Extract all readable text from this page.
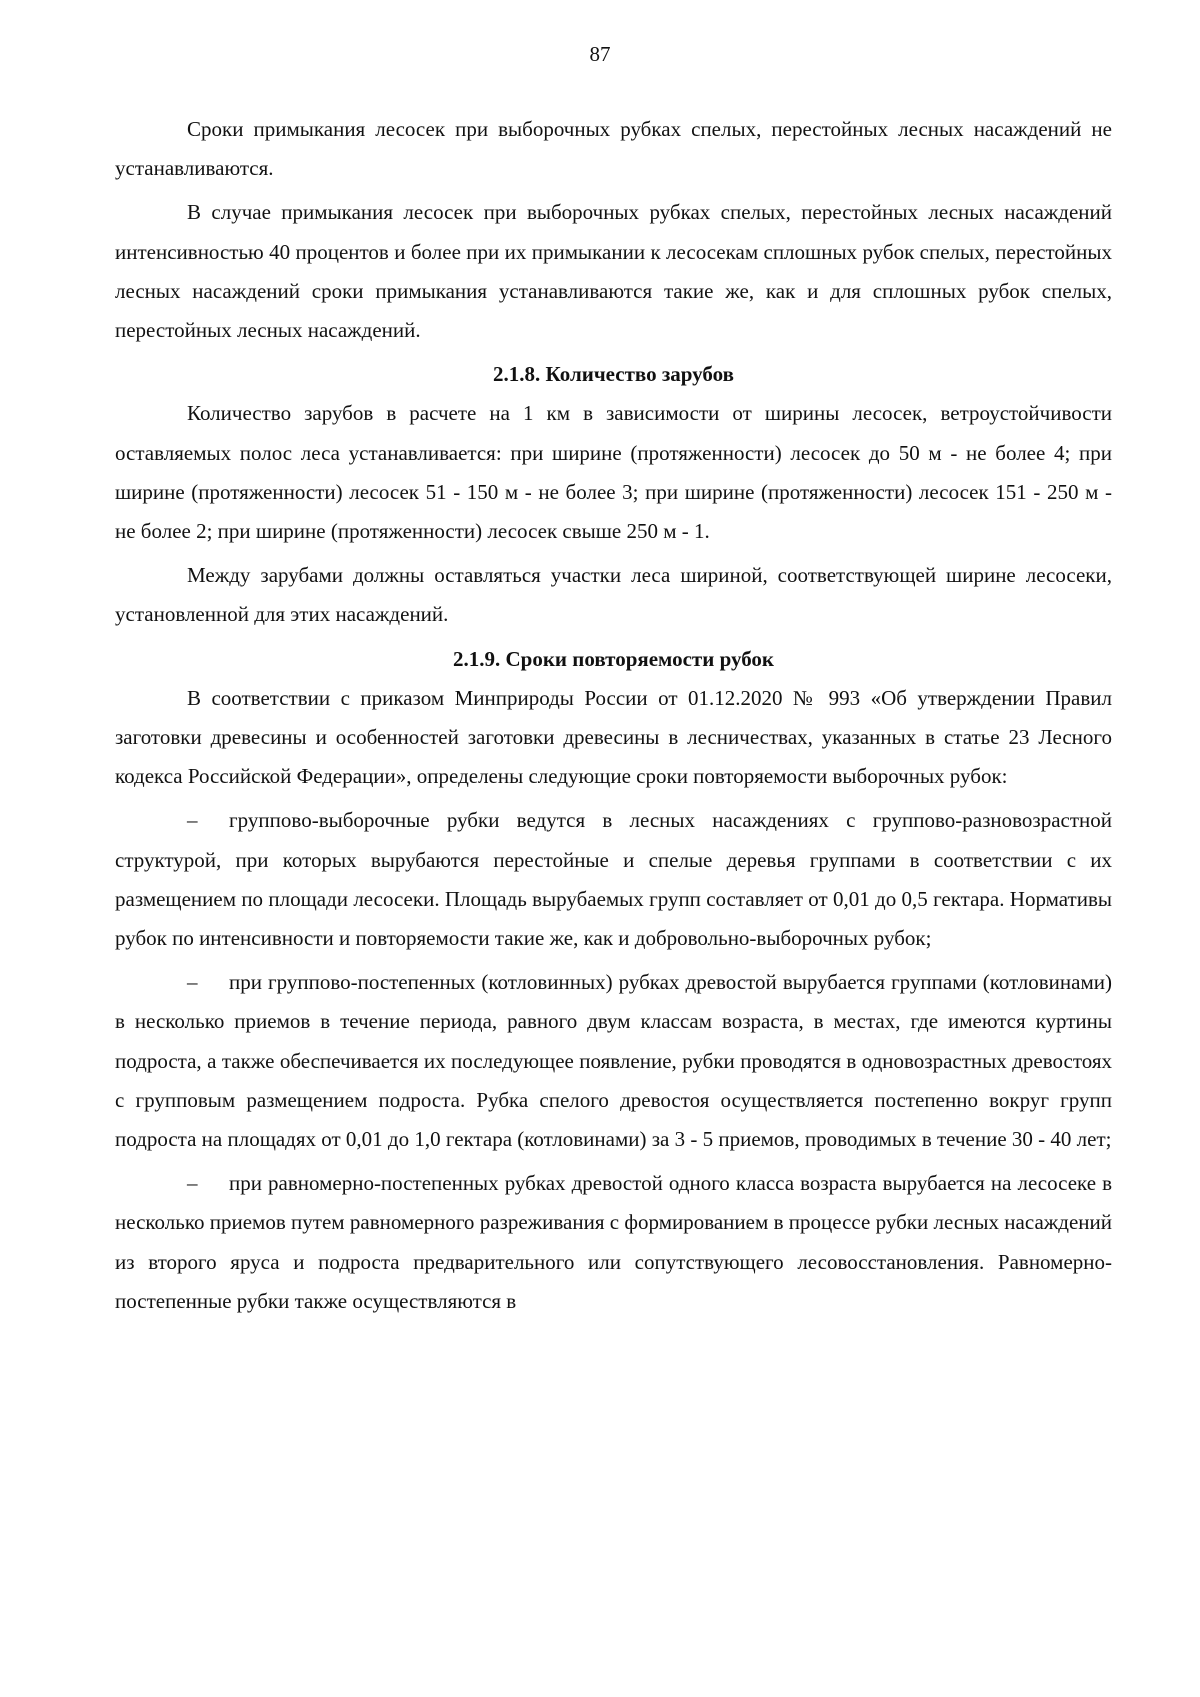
87

Сроки примыкания лесосек при выборочных рубках спелых, перестойных лесных насаждений не устанавливаются.

В случае примыкания лесосек при выборочных рубках спелых, перестойных лесных насаждений интенсивностью 40 процентов и более при их примыкании к лесосекам сплошных рубок спелых, перестойных лесных насаждений сроки примыкания устанавливаются такие же, как и для сплошных рубок спелых, перестойных лесных насаждений.

2.1.8. Количество зарубов

Количество зарубов в расчете на 1 км в зависимости от ширины лесосек, ветроустойчивости оставляемых полос леса устанавливается: при ширине (протяженности) лесосек до 50 м - не более 4; при ширине (протяженности) лесосек 51 - 150 м - не более 3; при ширине (протяженности) лесосек 151 - 250 м - не более 2; при ширине (протяженности) лесосек свыше 250 м - 1.

Между зарубами должны оставляться участки леса шириной, соответствующей ширине лесосеки, установленной для этих насаждений.

2.1.9. Сроки повторяемости рубок

В соответствии с приказом Минприроды России от 01.12.2020 № 993 «Об утверждении Правил заготовки древесины и особенностей заготовки древесины в лесничествах, указанных в статье 23 Лесного кодекса Российской Федерации», определены следующие сроки повторяемости выборочных рубок:

– групповo-выборочные рубки ведутся в лесных насаждениях с группово-разновозрастной структурой, при которых вырубаются перестойные и спелые деревья группами в соответствии с их размещением по площади лесосеки. Площадь вырубаемых групп составляет от 0,01 до 0,5 гектара. Нормативы рубок по интенсивности и повторяемости такие же, как и добровольно-выборочных рубок;

– при группово-постепенных (котловинных) рубках древостой вырубается группами (котловинами) в несколько приемов в течение периода, равного двум классам возраста, в местах, где имеются куртины подроста, а также обеспечивается их последующее появление, рубки проводятся в одновозрастных древостоях с групповым размещением подроста. Рубка спелого древостоя осуществляется постепенно вокруг групп подроста на площадях от 0,01 до 1,0 гектара (котловинами) за 3 - 5 приемов, проводимых в течение 30 - 40 лет;

– при равномерно-постепенных рубках древостой одного класса возраста вырубается на лесосеке в несколько приемов путем равномерного разреживания с формированием в процессе рубки лесных насаждений из второго яруса и подроста предварительного или сопутствующего лесовосстановления. Равномерно-постепенные рубки также осуществляются в
